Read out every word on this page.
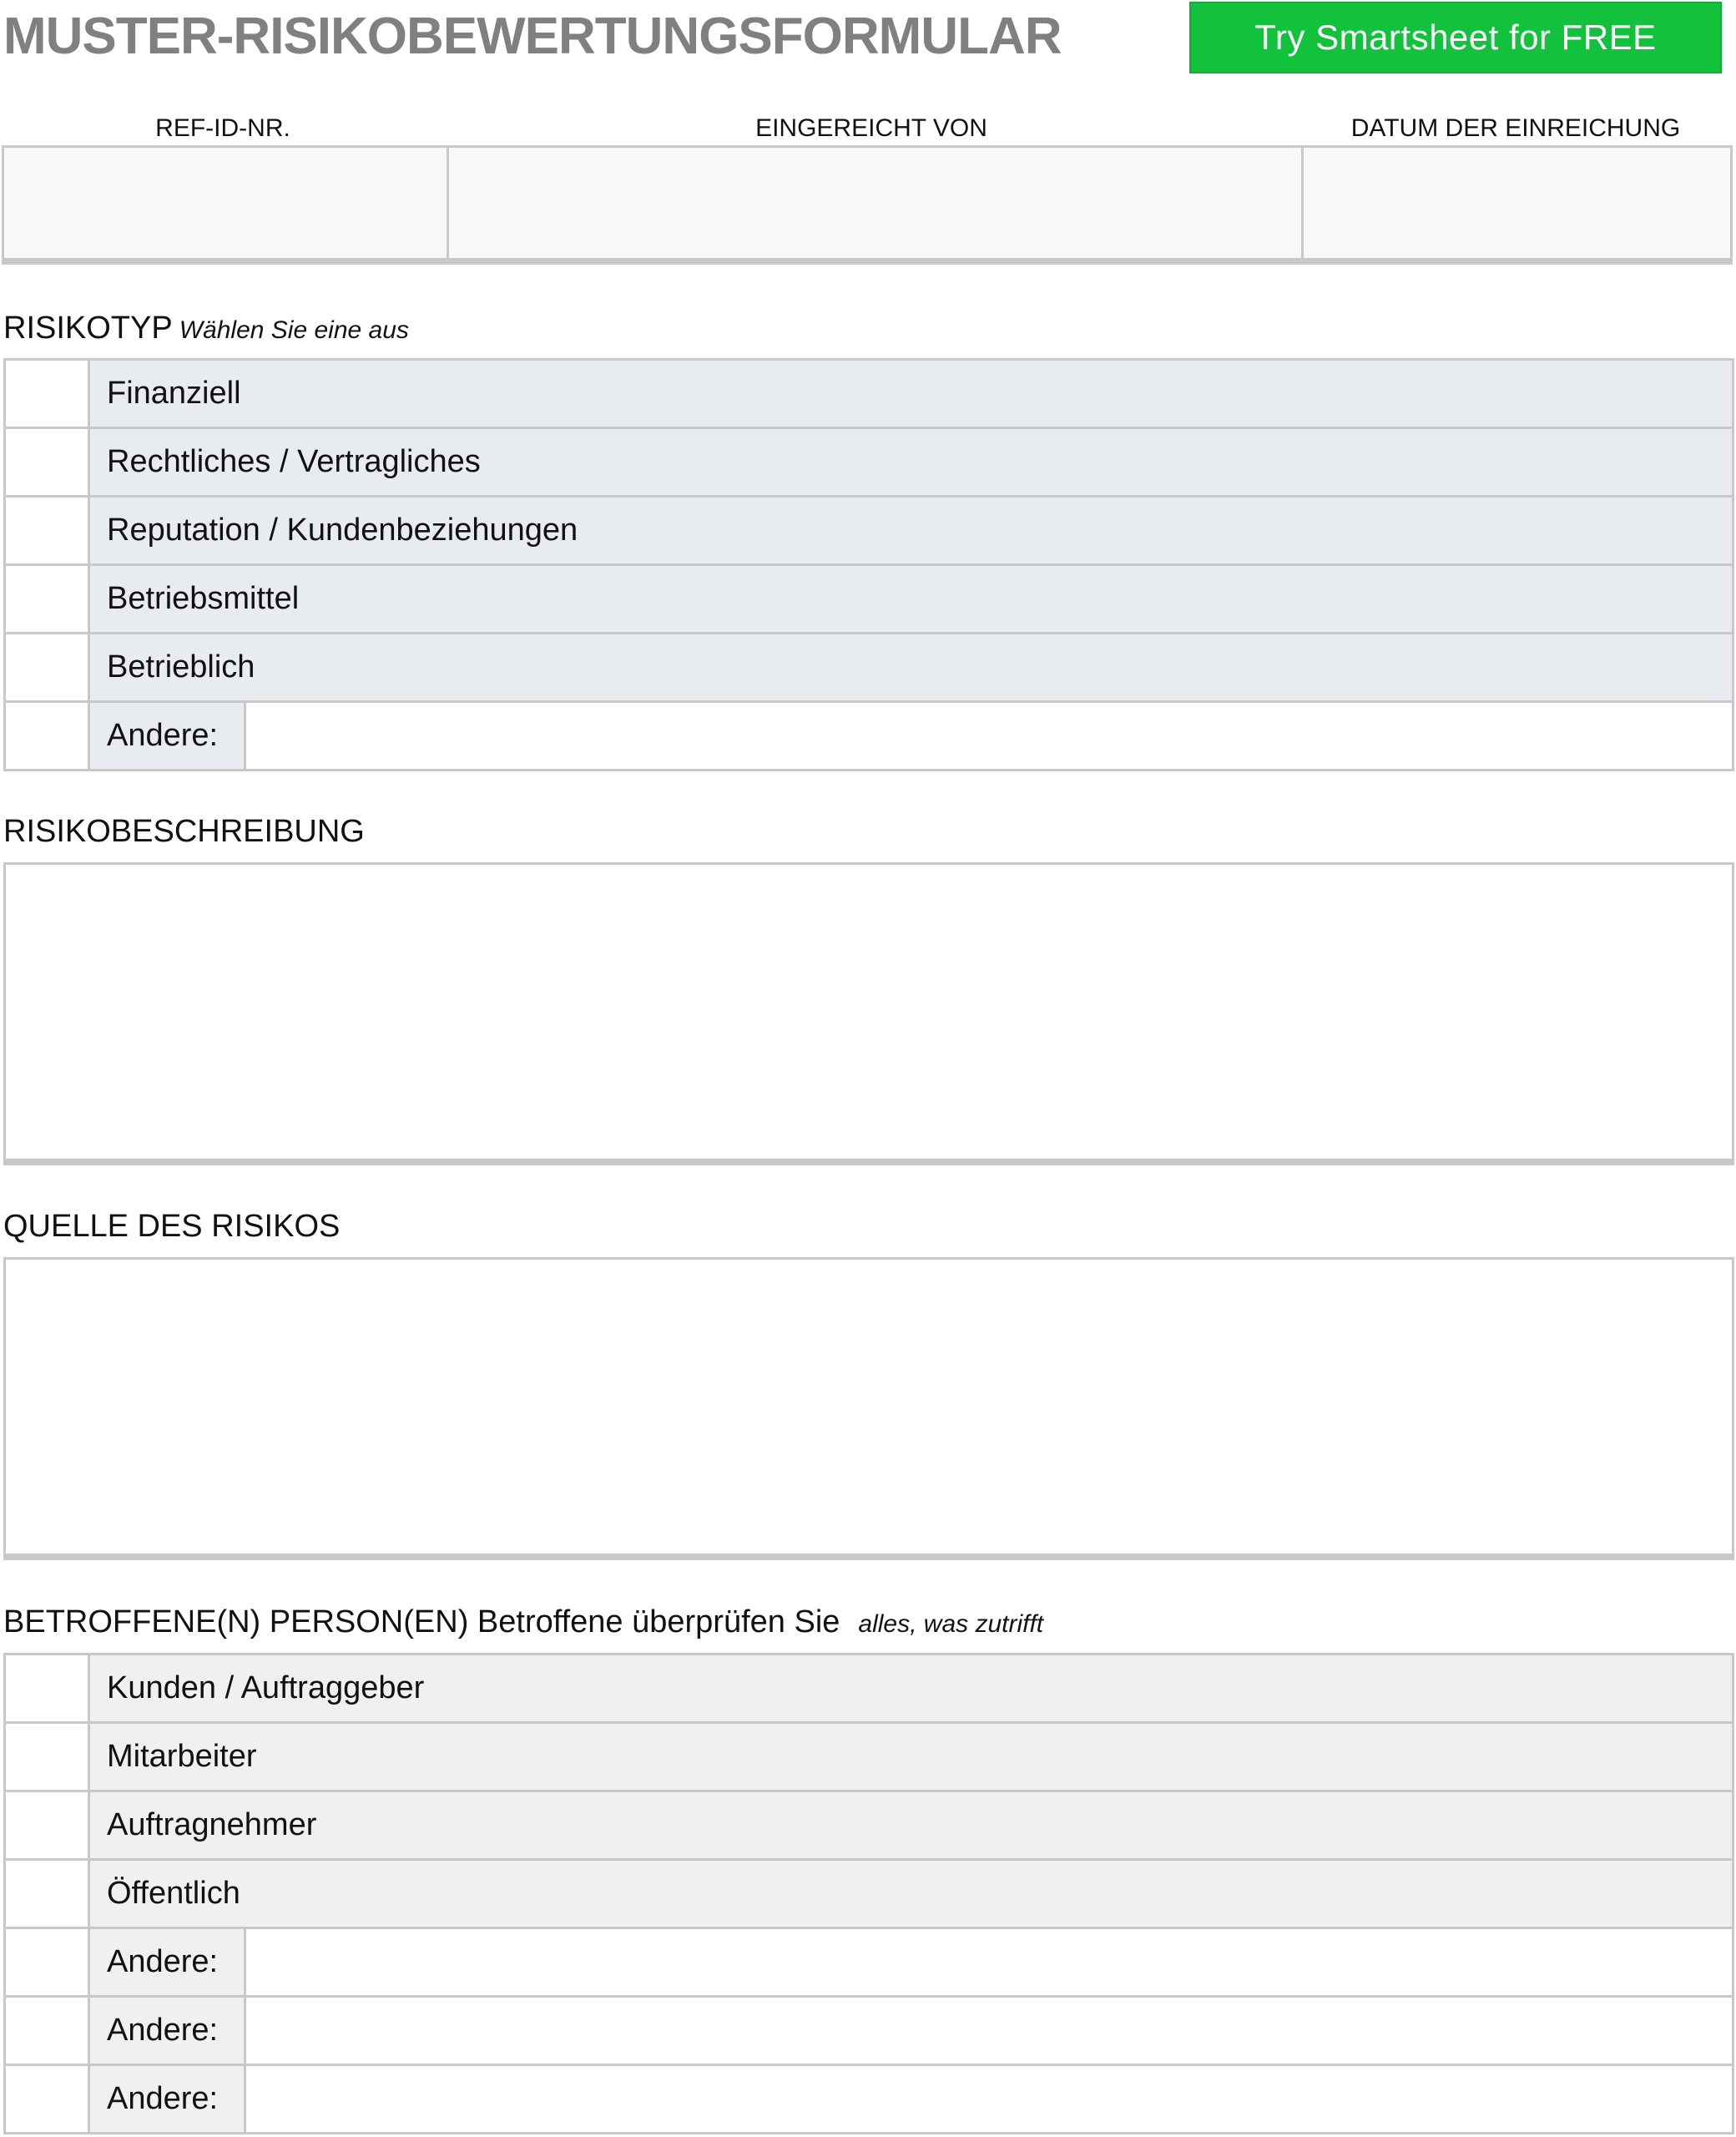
MUSTER-RISIKOBEWERTUNGSFORMULAR	Try Smartsheet for FREE
REF-ID-NR.	EINGEREICHT VON	DATUM DER EINREICHUNG
RISIKOTYP Wählen Sie eine aus
Finanziell
Rechtliches / Vertragliches
Reputation / Kundenbeziehungen
Betriebsmittel
Betrieblich
Andere:
RISIKOBESCHREIBUNG
QUELLE DES RISIKOS
BETROFFENE(N) PERSON(EN) Betroffene überprüfen Sie alles, was zutrifft
Kunden / Auftraggeber
Mitarbeiter
Auftragnehmer
Öffentlich
Andere:
Andere:
Andere:
